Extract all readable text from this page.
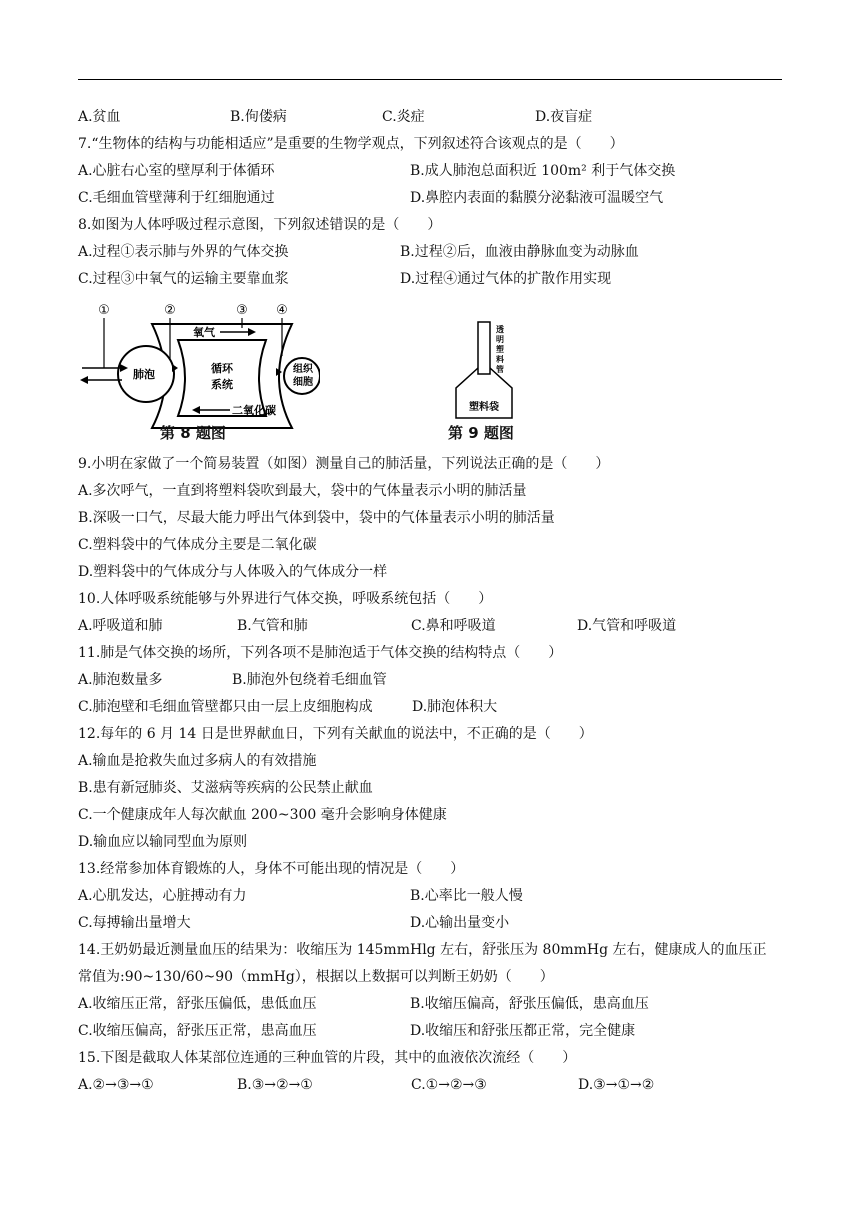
A.贫血	B.佝偻病	C.炎症	D.夜盲症
7.“生物体的结构与功能相适应”是重要的生物学观点，下列叙述符合该观点的是（　　）
A.心脏右心室的壁厚利于体循环	B.成人肺泡总面积近 100m² 利于气体交换
C.毛细血管壁薄利于红细胞通过	D.鼻腔内表面的黏膜分泌黏液可温暖空气
8.如图为人体呼吸过程示意图，下列叙述错误的是（　　）
A.过程①表示肺与外界的气体交换	B.过程②后，血液由静脉血变为动脉血
C.过程③中氧气的运输主要靠血浆	D.过程④通过气体的扩散作用实现
①	②	③ ④
肺泡	组织
细胞
循环
系统
氧气
二氧化碳
第 8 题图
透
明
塑
料
管
塑料袋
第 9 题图
9.小明在家做了一个简易装置（如图）测量自己的肺活量，下列说法正确的是（　　）
A.多次呼气，一直到将塑料袋吹到最大，袋中的气体量表示小明的肺活量
B.深吸一口气，尽最大能力呼出气体到袋中，袋中的气体量表示小明的肺活量
C.塑料袋中的气体成分主要是二氧化碳
D.塑料袋中的气体成分与人体吸入的气体成分一样
10.人体呼吸系统能够与外界进行气体交换，呼吸系统包括（　　）
A.呼吸道和肺	B.气管和肺	C.鼻和呼吸道	D.气管和呼吸道
11.肺是气体交换的场所，下列各项不是肺泡适于气体交换的结构特点（　　）
A.肺泡数量多	B.肺泡外包绕着毛细血管
C.肺泡壁和毛细血管壁都只由一层上皮细胞构成	D.肺泡体积大
12.每年的 6 月 14 日是世界献血日，下列有关献血的说法中，不正确的是（　　）
A.输血是抢救失血过多病人的有效措施
B.患有新冠肺炎、艾滋病等疾病的公民禁止献血
C.一个健康成年人每次献血 200~300 毫升会影响身体健康
D.输血应以输同型血为原则
13.经常参加体育锻炼的人，身体不可能出现的情况是（　　）
A.心肌发达，心脏搏动有力	B.心率比一般人慢
C.每搏输出量增大	D.心输出量变小
14.王奶奶最近测量血压的结果为：收缩压为 145mmHlg 左右，舒张压为 80mmHg 左右，健康成人的血压正
常值为:90~130/60~90（mmHg），根据以上数据可以判断王奶奶（　　）
A.收缩压正常，舒张压偏低，患低血压	B.收缩压偏高，舒张压偏低，患高血压
C.收缩压偏高，舒张压正常，患高血压	D.收缩压和舒张压都正常，完全健康
15.下图是截取人体某部位连通的三种血管的片段，其中的血液依次流经（　　）
A.②→③→①	B.③→②→①	C.①→②→③	D.③→①→②
